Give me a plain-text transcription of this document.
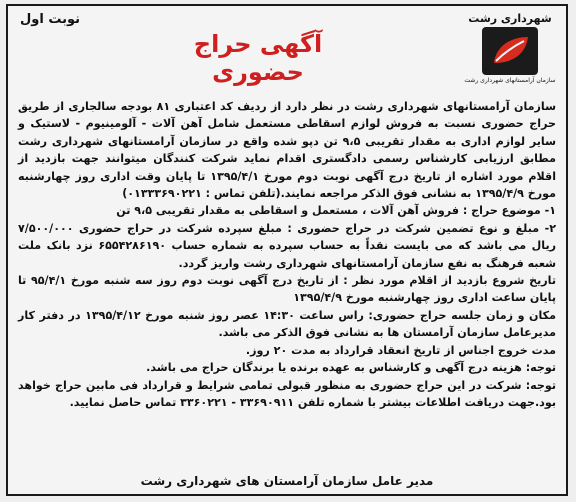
نوبت اول	شهرداری رشت
سازمان آرامستانهای شهرداری رشت
آگهی حراج حضوری

سازمان آرامستانهای شهرداری رشت در نظر دارد از ردیف کد اعتباری ۸۱ بودجه سالجاری از طریق حراج حضوری نسبت به فروش لوازم اسقاطی مستعمل شامل آهن آلات - آلومینیوم - لاستیک و سایر لوازم اداری به مقدار تقریبی ۹،۵ تن دپو شده واقع در سازمان آرامستانهای شهرداری رشت مطابق ارزیابی کارشناس رسمی دادگستری اقدام نماید شرکت کنندگان میتوانند جهت بازدید از اقلام مورد اشاره از تاریخ درج آگهی نوبت دوم مورخ ۱۳۹۵/۴/۱ تا پایان وقت اداری روز چهارشنبه مورخ ۱۳۹۵/۴/۹ به نشانی فوق الذکر مراجعه نمایند.(تلفن تماس : ۰۱۳۳۳۶۹۰۲۲۱)

۱- موضوع حراج : فروش آهن آلات ، مستعمل و اسقاطی به مقدار تقریبی ۹،۵ تن

۲- مبلغ و نوع تضمین شرکت در حراج حضوری : مبلغ سپرده شرکت در حراج حضوری ۷/۵۰۰/۰۰۰ ریال می باشد که می بایست نقداً به حساب سپرده به شماره حساب ۶۵۵۴۲۸۶۱۹۰ نزد بانک ملت شعبه فرهنگ به نفع سازمان آرامستانهای شهرداری رشت واریز گردد.

تاریخ شروع بازدید از اقلام مورد نظر : از تاریخ درج آگهی نوبت دوم روز سه شنبه مورخ ۹۵/۴/۱ تا پایان ساعت اداری روز چهارشنبه مورخ ۱۳۹۵/۴/۹

مکان و زمان جلسه حراج حضوری: راس ساعت ۱۴:۳۰ عصر روز شنبه مورخ ۱۳۹۵/۴/۱۲ در دفتر کار مدیرعامل سازمان آرامستان ها به نشانی فوق الذکر می باشد.

مدت خروج اجناس از تاریخ انعقاد قرارداد به مدت ۲۰ روز.

توجه: هزینه درج آگهی و کارشناس به عهده برنده یا برندگان حراج می باشد.

توجه: شرکت در این حراج حضوری به منظور قبولی تمامی شرایط و قرارداد فی مابین حراج خواهد بود.جهت دریافت اطلاعات بیشتر با شماره تلفن ۳۳۶۹۰۹۱۱ - ۳۳۶۰۲۲۱ تماس حاصل نمایید.

مدیر عامل سازمان آرامستان های شهرداری رشت
